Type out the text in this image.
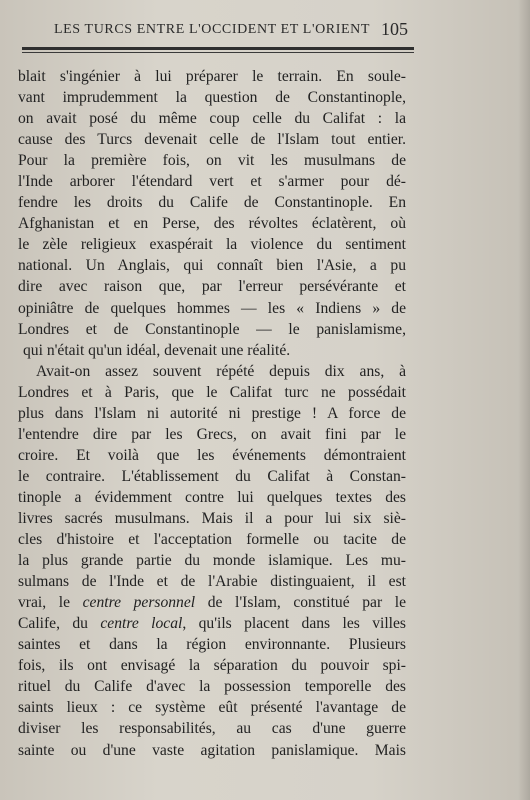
LES TURCS ENTRE L'OCCIDENT ET L'ORIENT 105
blait s'ingénier à lui préparer le terrain. En soule-
vant imprudemment la question de Constantinople,
on avait posé du même coup celle du Califat : la
cause des Turcs devenait celle de l'Islam tout entier.
Pour la première fois, on vit les musulmans de
l'Inde arborer l'étendard vert et s'armer pour dé-
fendre les droits du Calife de Constantinople. En
Afghanistan et en Perse, des révoltes éclatèrent, où
le zèle religieux exaspérait la violence du sentiment
national. Un Anglais, qui connaît bien l'Asie, a pu
dire avec raison que, par l'erreur persévérante et
opiniâtre de quelques hommes — les « Indiens » de
Londres et de Constantinople — le panislamisme,
qui n'était qu'un idéal, devenait une réalité.
Avait-on assez souvent répété depuis dix ans, à
Londres et à Paris, que le Califat turc ne possédait
plus dans l'Islam ni autorité ni prestige ! A force de
l'entendre dire par les Grecs, on avait fini par le
croire. Et voilà que les événements démontraient
le contraire. L'établissement du Califat à Constan-
tinople a évidemment contre lui quelques textes des
livres sacrés musulmans. Mais il a pour lui six siè-
cles d'histoire et l'acceptation formelle ou tacite de
la plus grande partie du monde islamique. Les mu-
sulmans de l'Inde et de l'Arabie distinguaient, il est
vrai, le centre personnel de l'Islam, constitué par le
Calife, du centre local, qu'ils placent dans les villes
saintes et dans la région environnante. Plusieurs
fois, ils ont envisagé la séparation du pouvoir spi-
rituel du Calife d'avec la possession temporelle des
saints lieux : ce système eût présenté l'avantage de
diviser les responsabilités, au cas d'une guerre
sainte ou d'une vaste agitation panislamique. Mais
